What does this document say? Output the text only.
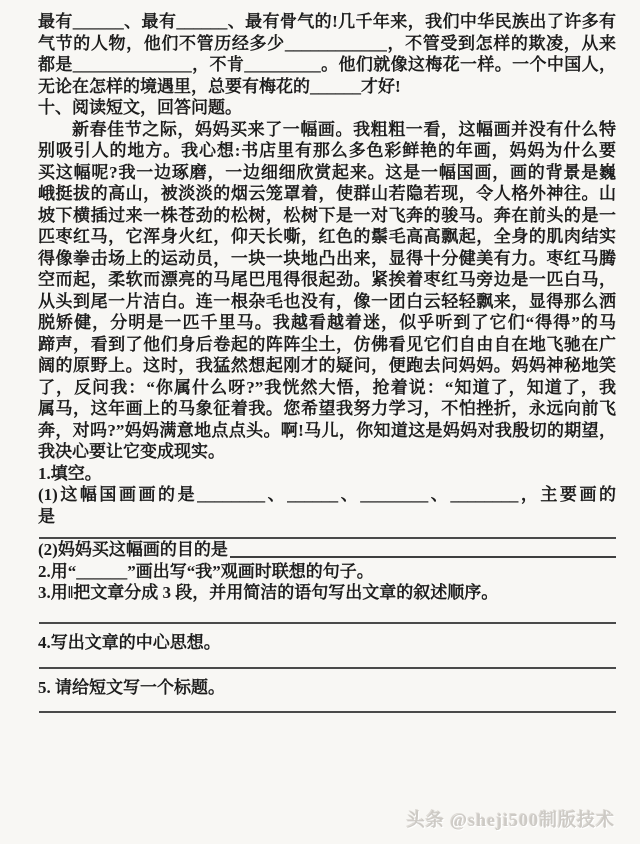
最有______、最有______、最有骨气的!几千年来，我们中华民族出了许多有
气节的人物，他们不管历经多少____________，不管受到怎样的欺凌，从来
都是______________，不肯_________。他们就像这梅花一样。一个中国人，
无论在怎样的境遇里，总要有梅花的______才好!
十、阅读短文，回答问题。
新春佳节之际，妈妈买来了一幅画。我粗粗一看，这幅画并没有什么特
别吸引人的地方。我心想:书店里有那么多色彩鲜艳的年画，妈妈为什么要
买这幅呢?我一边琢磨，一边细细欣赏起来。这是一幅国画，画的背景是巍
峨挺拔的高山，被淡淡的烟云笼罩着，使群山若隐若现，令人格外神往。山
坡下横插过来一株苍劲的松树，松树下是一对飞奔的骏马。奔在前头的是一
匹枣红马，它浑身火红，仰天长嘶，红色的鬃毛高高飘起，全身的肌肉结实
得像拳击场上的运动员，一块一块地凸出来，显得十分健美有力。枣红马腾
空而起，柔软而漂亮的马尾巴甩得很起劲。紧挨着枣红马旁边是一匹白马，
从头到尾一片洁白。连一根杂毛也没有，像一团白云轻轻飘来，显得那么洒
脱矫健，分明是一匹千里马。我越看越着迷，似乎听到了它们“得得”的马
蹄声，看到了他们身后卷起的阵阵尘土，仿佛看见它们自由自在地飞驰在广
阔的原野上。这时，我猛然想起刚才的疑问，便跑去问妈妈。妈妈神秘地笑
了，反问我：“你属什么呀?”我恍然大悟，抢着说：“知道了，知道了，我
属马，这年画上的马象征着我。您希望我努力学习，不怕挫折，永远向前飞
奔，对吗?”妈妈满意地点点头。啊!马儿，你知道这是妈妈对我殷切的期望，
我决心要让它变成现实。
1.填空。
(1)这幅国画画的是________、______、________、________，主要画的
是
(2)妈妈买这幅画的目的是
2.用“______”画出写“我”观画时联想的句子。
3.用‖把文章分成 3 段，并用简洁的语句写出文章的叙述顺序。
4.写出文章的中心思想。
5. 请给短文写一个标题。
头条 @sheji500制版技术
